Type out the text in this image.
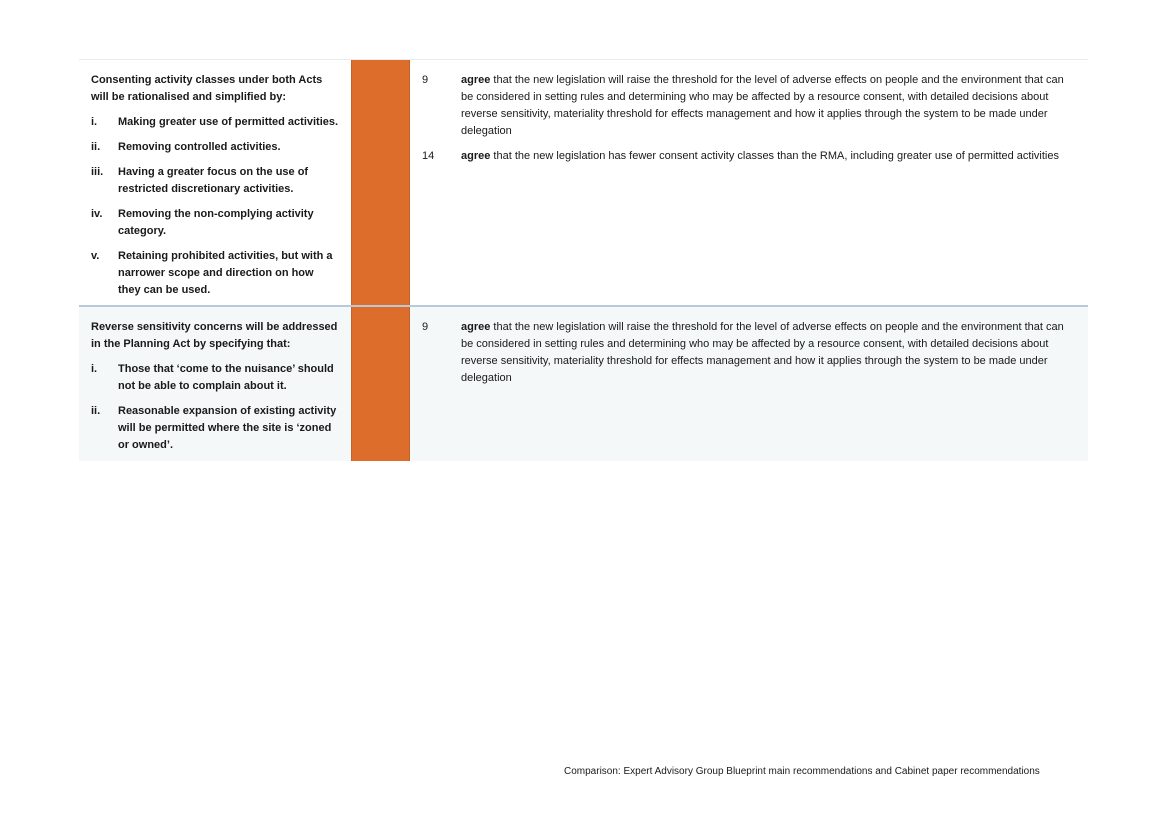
Consenting activity classes under both Acts will be rationalised and simplified by:

i.	Making greater use of permitted activities.
ii.	Removing controlled activities.
iii.	Having a greater focus on the use of restricted discretionary activities.
iv.	Removing the non-complying activity category.
v.	Retaining prohibited activities, but with a narrower scope and direction on how they can be used.
9	agree that the new legislation will raise the threshold for the level of adverse effects on people and the environment that can be considered in setting rules and determining who may be affected by a resource consent, with detailed decisions about reverse sensitivity, materiality threshold for effects management and how it applies through the system to be made under delegation
14	agree that the new legislation has fewer consent activity classes than the RMA, including greater use of permitted activities

Reverse sensitivity concerns will be addressed in the Planning Act by specifying that:

i.	Those that ‘come to the nuisance’ should not be able to complain about it.
ii.	Reasonable expansion of existing activity will be permitted where the site is ‘zoned or owned’.
9	agree that the new legislation will raise the threshold for the level of adverse effects on people and the environment that can be considered in setting rules and determining who may be affected by a resource consent, with detailed decisions about reverse sensitivity, materiality threshold for effects management and how it applies through the system to be made under delegation
Comparison: Expert Advisory Group Blueprint main recommendations and Cabinet paper recommendations
